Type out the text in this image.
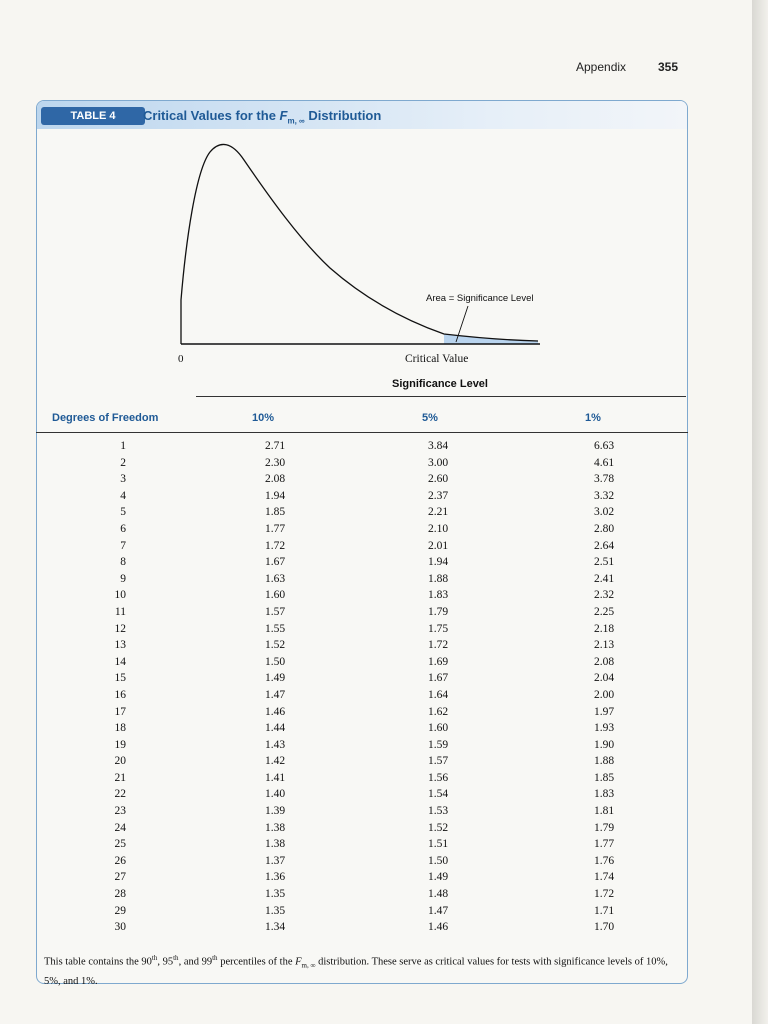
Appendix	355
TABLE 4	Critical Values for the $F_{m, \infty}$ Distribution
0
Area = Significance Level
Critical Value
Significance Level
Degrees of Freedom	10%	5%	1%
1	2.71	3.84	6.63
2	2.30	3.00	4.61
3	2.08	2.60	3.78
4	1.94	2.37	3.32
5	1.85	2.21	3.02
6	1.77	2.10	2.80
7	1.72	2.01	2.64
8	1.67	1.94	2.51
9	1.63	1.88	2.41
10	1.60	1.83	2.32
11	1.57	1.79	2.25
12	1.55	1.75	2.18
13	1.52	1.72	2.13
14	1.50	1.69	2.08
15	1.49	1.67	2.04
16	1.47	1.64	2.00
17	1.46	1.62	1.97
18	1.44	1.60	1.93
19	1.43	1.59	1.90
20	1.42	1.57	1.88
21	1.41	1.56	1.85
22	1.40	1.54	1.83
23	1.39	1.53	1.81
24	1.38	1.52	1.79
25	1.38	1.51	1.77
26	1.37	1.50	1.76
27	1.36	1.49	1.74
28	1.35	1.48	1.72
29	1.35	1.47	1.71
30	1.34	1.46	1.70
This table contains the 90th, 95th, and 99th percentiles of the $F_{m, \infty}$ distribution. These serve as critical values for tests with significance levels of 10%, 5%, and 1%.
